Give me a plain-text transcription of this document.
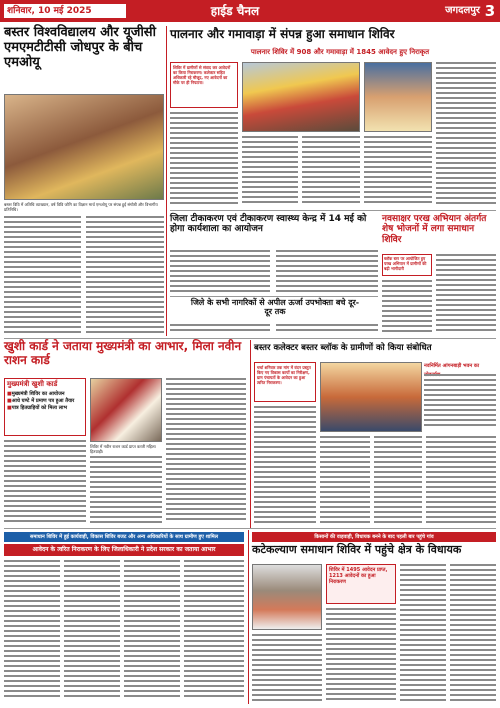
शनिवार, 10 मई 2025	हाईड चैनल	जगदलपुर 3
बस्तर विश्वविद्यालय और यूजीसी एमएमटीटीसी जोधपुर के बीच एमओयू
बस्तर विवि में अतिथि व्याख्यान, वर्ष विवि जोगि का विज्ञान मार्च एमओयू पर संपन्न हुई संगोष्ठी और विभागीय प्रतिनिधि।
पालनार और गमावाड़ा में संपन्न हुआ समाधान शिविर
पालनार शिविर में 908 और गमावाड़ा में 1845 आवेदन हुए निराकृत
शिविर में ग्रामीणों से संवाद कर आवेदनों का किया निराकरण। कलेक्टर सहित अधिकारी रहे मौजूद, नए आवेदनों का मौके पर ही निपटारा।
जिला टीकाकरण एवं टीकाकरण स्वास्थ्य केन्द्र में 14 मई को होगा कार्यशाला का आयोजन
जिले के सभी नागरिकों से अपील ऊर्जा उपभोक्ता बचे दूर-दूर तक
नवसाक्षर परख अभियान अंतर्गत शेष भोजनों में लगा समाधान शिविर
ब्लॉक स्तर पर आयोजित हुए परख अभियान में ग्रामीणों की बढ़ी भागीदारी
खुशी कार्ड ने जताया मुख्यमंत्री का आभार, मिला नवीन राशन कार्ड
मुख्यमंत्री खुशी कार्ड
■ मुख्यमंत्री शिविर का आयोजन
■ आधे घण्टे में प्रमाण पत्र हुआ तैयार
■ पात्र हितग्राहियों को मिला लाभ
शिविर में नवीन राशन कार्ड प्राप्त करती महिला हितग्राही।
बस्तर कलेक्टर बस्तर ब्लॉक के ग्रामीणों को किया संबोधित
चर्चा शनिवार तक मांग में वंदन प्रस्तुत किए गए विकास कार्यों का निरीक्षण, ग्राम पंचायतों के आवेदन का हुआ त्वरित निराकरण।
नवनिर्मित आंगनबाड़ी भवन का
समाधान शिविर में हुई कार्यवाही, विकास शिविर बजट और अन्य अधिकारियों के साथ ग्रामीण हुए शामिल
आवेदन के त्वरित निराकरण के लिए जिलाधिकारी ने प्रदेश सरकार का जताया आभार
किसानों की वाहवाही, विधायक बनने के बाद पहली बार पहुंचे गांव
कटेकल्याण समाधान शिविर में पहुंचे क्षेत्र के विधायक
शिविर में 1495 आवेदन प्राप्त, 1213 आवेदनों का हुआ निराकरण
